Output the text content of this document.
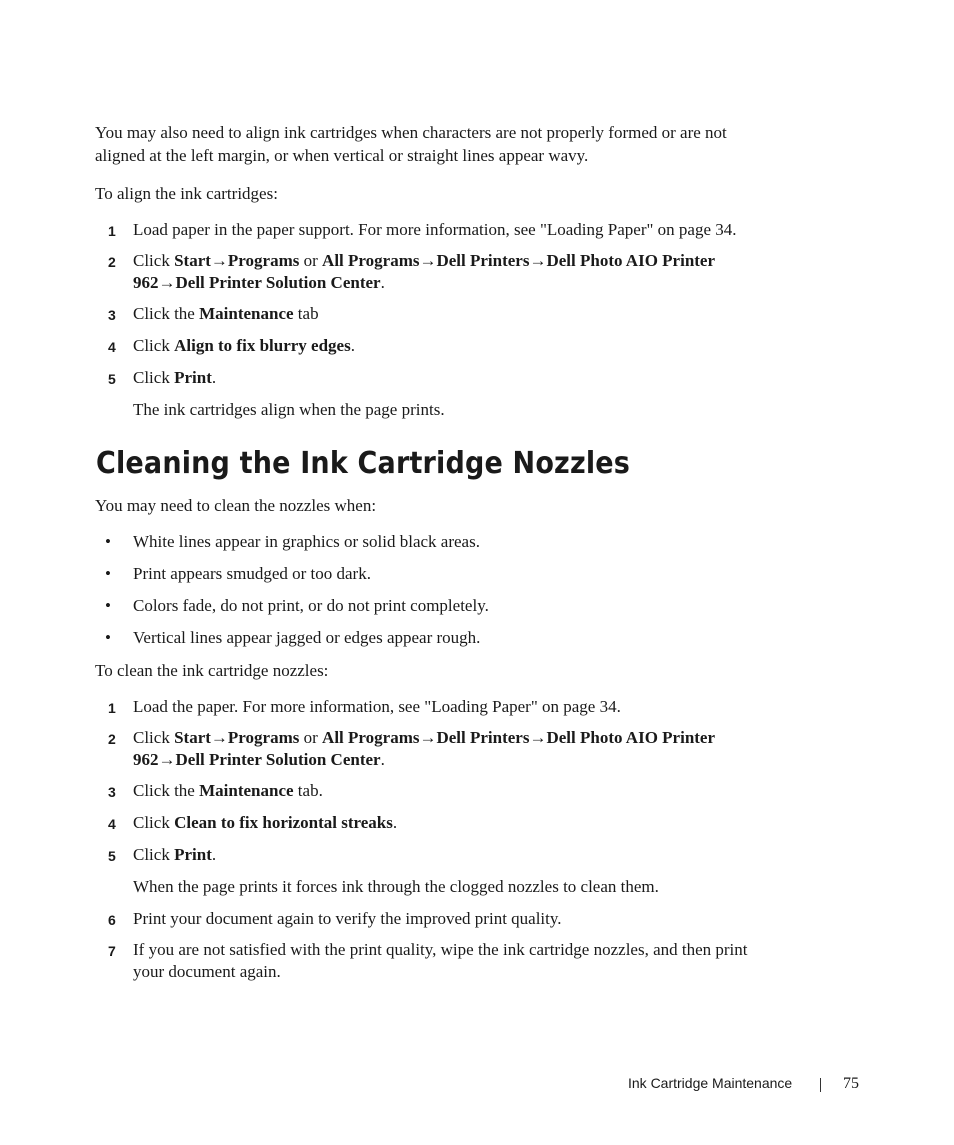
You may also need to align ink cartridges when characters are not properly formed or are not
aligned at the left margin, or when vertical or straight lines appear wavy.

To align the ink cartridges:

1 Load paper in the paper support. For more information, see "Loading Paper" on page 34.
2 Click Start→Programs or All Programs→Dell Printers→Dell Photo AIO Printer
962→Dell Printer Solution Center.
3 Click the Maintenance tab
4 Click Align to fix blurry edges.
5 Click Print.
The ink cartridges align when the page prints.
Cleaning the Ink Cartridge Nozzles

You may need to clean the nozzles when:

• White lines appear in graphics or solid black areas.
• Print appears smudged or too dark.
• Colors fade, do not print, or do not print completely.
• Vertical lines appear jagged or edges appear rough.

To clean the ink cartridge nozzles:

1 Load the paper. For more information, see "Loading Paper" on page 34.
2 Click Start→Programs or All Programs→Dell Printers→Dell Photo AIO Printer
962→Dell Printer Solution Center.
3 Click the Maintenance tab.
4 Click Clean to fix horizontal streaks.
5 Click Print.
When the page prints it forces ink through the clogged nozzles to clean them.
6 Print your document again to verify the improved print quality.
7 If you are not satisfied with the print quality, wipe the ink cartridge nozzles, and then print
your document again.
Ink Cartridge Maintenance	75
